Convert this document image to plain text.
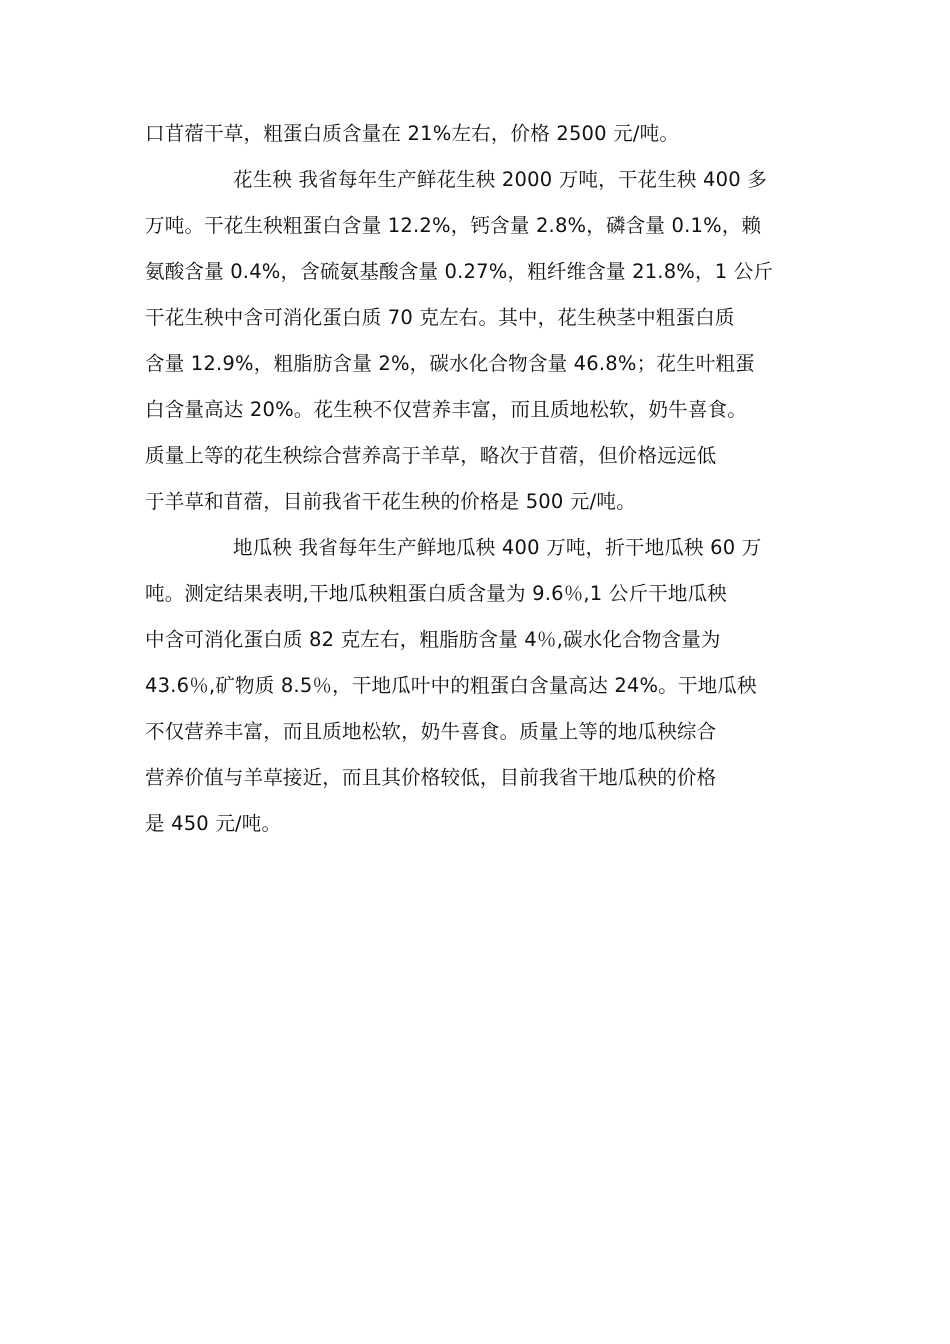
口苜蓿干草，粗蛋白质含量在 21%左右，价格 2500 元/吨。
花生秧 我省每年生产鲜花生秧 2000 万吨，干花生秧 400 多
万吨。干花生秧粗蛋白含量 12.2%，钙含量 2.8%，磷含量 0.1%，赖
氨酸含量 0.4%，含硫氨基酸含量 0.27%，粗纤维含量 21.8%，1 公斤
干花生秧中含可消化蛋白质 70 克左右。其中，花生秧茎中粗蛋白质
含量 12.9%，粗脂肪含量 2%，碳水化合物含量 46.8%；花生叶粗蛋
白含量高达 20%。花生秧不仅营养丰富，而且质地松软，奶牛喜食。
质量上等的花生秧综合营养高于羊草，略次于苜蓿，但价格远远低
于羊草和苜蓿，目前我省干花生秧的价格是 500 元/吨。
地瓜秧 我省每年生产鲜地瓜秧 400 万吨，折干地瓜秧 60 万
吨。测定结果表明,干地瓜秧粗蛋白质含量为 9.6％,1 公斤干地瓜秧
中含可消化蛋白质 82 克左右，粗脂肪含量 4％,碳水化合物含量为
43.6％,矿物质 8.5％，干地瓜叶中的粗蛋白含量高达 24%。干地瓜秧
不仅营养丰富，而且质地松软，奶牛喜食。质量上等的地瓜秧综合
营养价值与羊草接近，而且其价格较低，目前我省干地瓜秧的价格
是 450 元/吨。
